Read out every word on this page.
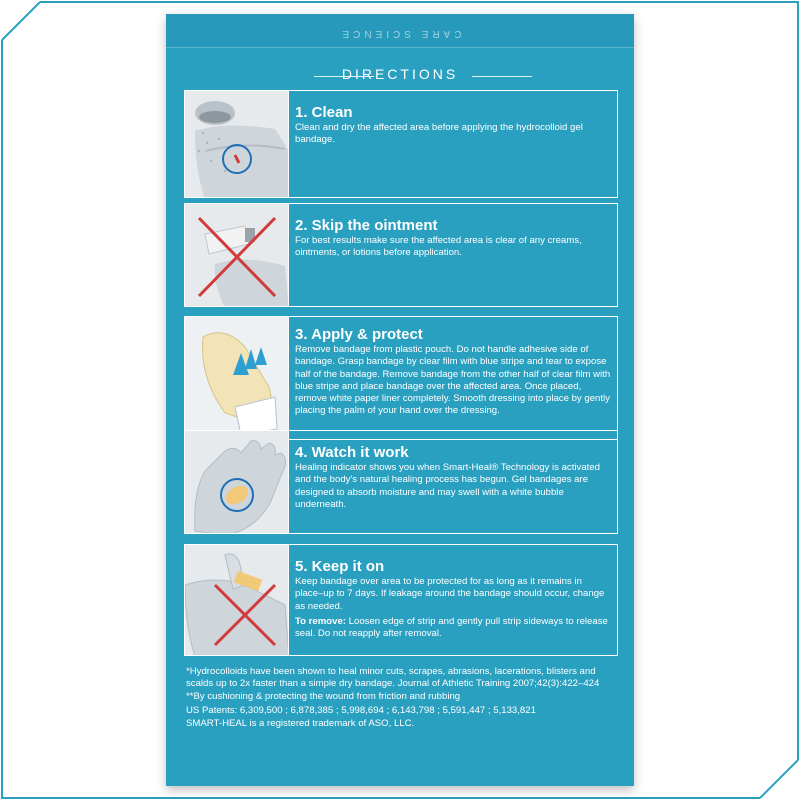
CARE SCIENCE
DIRECTIONS
1. Clean

Clean and dry the affected area before applying the hydrocolloid gel bandage.

2. Skip the ointment

For best results make sure the affected area is clear of any creams, ointments, or lotions before application.

3. Apply & protect

Remove bandage from plastic pouch. Do not handle adhesive side of bandage. Grasp bandage by clear film with blue stripe and tear to expose half of the bandage. Remove bandage from the other half of clear film with blue stripe and place bandage over the affected area. Once placed, remove white paper liner completely. Smooth dressing into place by gently placing the palm of your hand over the dressing.

4. Watch it work

Healing indicator shows you when Smart-Heal® Technology is activated and the body's natural healing process has begun. Gel bandages are designed to absorb moisture and may swell with a white bubble underneath.

5. Keep it on

Keep bandage over area to be protected for as long as it remains in place–up to 7 days. If leakage around the bandage should occur, change as needed.

To remove: Loosen edge of strip and gently pull strip sideways to release seal. Do not reapply after removal.

*Hydrocolloids have been shown to heal minor cuts, scrapes, abrasions, lacerations, blisters and scalds up to 2x faster than a simple dry bandage. Journal of Athletic Training 2007;42(3):422–424
**By cushioning & protecting the wound from friction and rubbing
US Patents: 6,309,500 ; 6,878,385 ; 5,998,694 ; 6,143,798 ; 5,591,447 ; 5,133,821
SMART-HEAL is a registered trademark of ASO, LLC.
